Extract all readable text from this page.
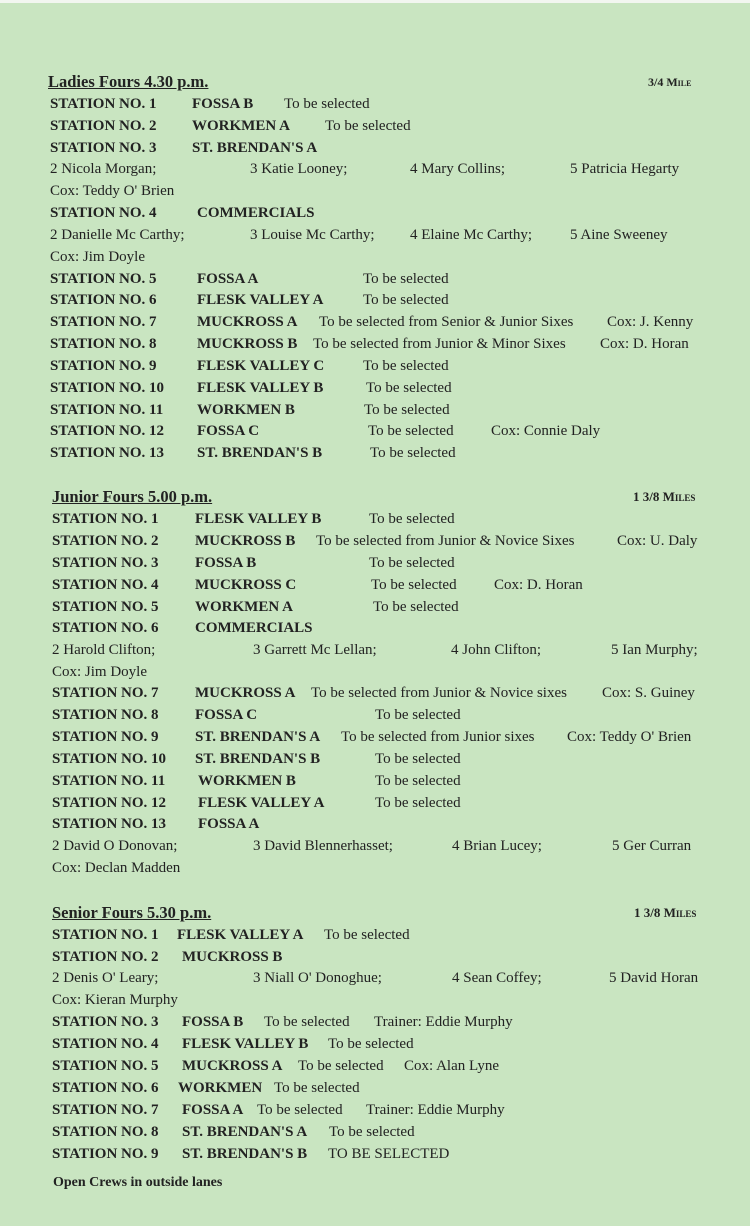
Ladies Fours 4.30 p.m.	3/4 Mile
STATION NO. 1 FOSSA B To be selected
STATION NO. 2 WORKMEN A To be selected
STATION NO. 3 ST. BRENDAN'S A
2 Nicola Morgan;	3 Katie Looney;	4 Mary Collins;	5 Patricia Hegarty
Cox: Teddy O' Brien
STATION NO. 4	COMMERCIALS
2 Danielle Mc Carthy;	3 Louise Mc Carthy; 4 Elaine Mc Carthy;	5 Aine Sweeney
Cox: Jim Doyle
STATION NO. 5	FOSSA A	To be selected
STATION NO. 6	FLESK VALLEY A	To be selected
STATION NO. 7	MUCKROSS A To be selected from Senior & Junior Sixes Cox: J. Kenny
STATION NO. 8	MUCKROSS B To be selected from Junior & Minor Sixes Cox: D. Horan
STATION NO. 9	FLESK VALLEY C	To be selected
STATION NO. 10 FLESK VALLEY B	To be selected
STATION NO. 11 WORKMEN B	To be selected
STATION NO. 12 FOSSA C	To be selected Cox: Connie Daly
STATION NO. 13 ST. BRENDAN'S B	To be selected
Junior Fours 5.00 p.m.	1 3/8 Miles
STATION NO. 1 FLESK VALLEY B	To be selected
STATION NO. 2 MUCKROSS B To be selected from Junior & Novice Sixes	Cox: U. Daly
STATION NO. 3 FOSSA B	To be selected
STATION NO. 4 MUCKROSS C	To be selected Cox: D. Horan
STATION NO. 5 WORKMEN A	To be selected
STATION NO. 6 COMMERCIALS
2 Harold Clifton;	3 Garrett Mc Lellan;	4 John Clifton;	5 Ian Murphy;
Cox: Jim Doyle
STATION NO. 7 MUCKROSS A To be selected from Junior & Novice sixes Cox: S. Guiney
STATION NO. 8 FOSSA C	To be selected
STATION NO. 9 ST. BRENDAN'S A To be selected from Junior sixes Cox: Teddy O' Brien
STATION NO. 10 ST. BRENDAN'S B	To be selected
STATION NO. 11 WORKMEN B	To be selected
STATION NO. 12 FLESK VALLEY A	To be selected
STATION NO. 13 FOSSA A
2 David O Donovan;	3 David Blennerhasset;	4 Brian Lucey;	5 Ger Curran
Cox: Declan Madden
Senior Fours 5.30 p.m.	1 3/8 Miles
STATION NO. 1 FLESK VALLEY A To be selected
STATION NO. 2 MUCKROSS B
2 Denis O' Leary;	3 Niall O' Donoghue;	4 Sean Coffey;	5 David Horan
Cox: Kieran Murphy
STATION NO. 3 FOSSA B To be selected Trainer: Eddie Murphy
STATION NO. 4 FLESK VALLEY B To be selected
STATION NO. 5 MUCKROSS A To be selected Cox: Alan Lyne
STATION NO. 6 WORKMEN To be selected
STATION NO. 7 FOSSA A To be selected Trainer: Eddie Murphy
STATION NO. 8 ST. BRENDAN'S A To be selected
STATION NO. 9 ST. BRENDAN'S B TO BE SELECTED
Open Crews in outside lanes
